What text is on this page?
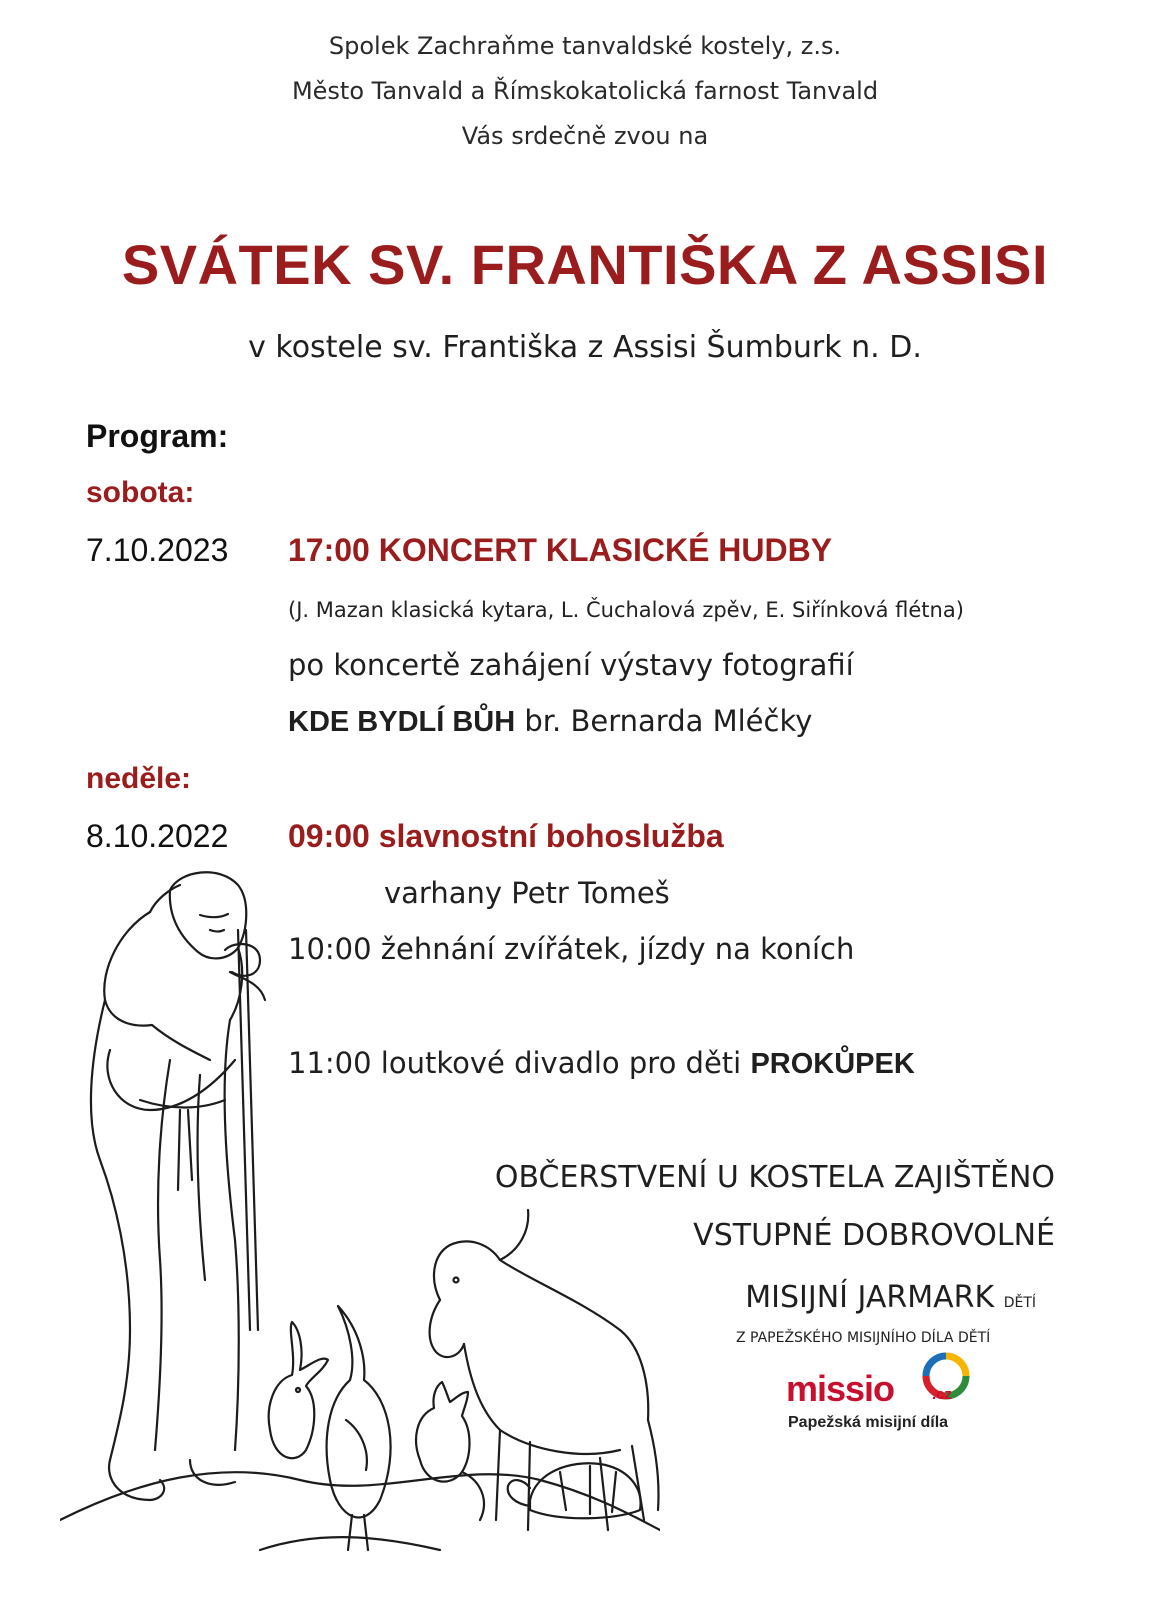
Spolek Zachraňme tanvaldské kostely, z.s.
Město Tanvald a Římskokatolická farnost Tanvald
Vás srdečně zvou na
SVÁTEK SV. FRANTIŠKA Z ASSISI
v kostele sv. Františka z Assisi Šumburk n. D.
Program:
sobota:
7.10.2023 17:00 KONCERT KLASICKÉ HUDBY
(J. Mazan klasická kytara, L. Čuchalová zpěv, E. Siřínková flétna)
po koncertě zahájení výstavy fotografií
KDE BYDLÍ BŮH br. Bernarda Mléčky
neděle:
8.10.2022 09:00 slavnostní bohoslužba
varhany Petr Tomeš
10:00 žehnání zvířátek, jízdy na koních
11:00 loutkové divadlo pro děti PROKŮPEK
OBČERSTVENÍ U KOSTELA ZAJIŠTĚNO
VSTUPNÉ DOBROVOLNÉ
MISIJNÍ JARMARK DĚTÍ
Z PAPEŽSKÉHO MISIJNÍHO DÍLA DĚTÍ
missio	.cz
Papežská misijní díla
